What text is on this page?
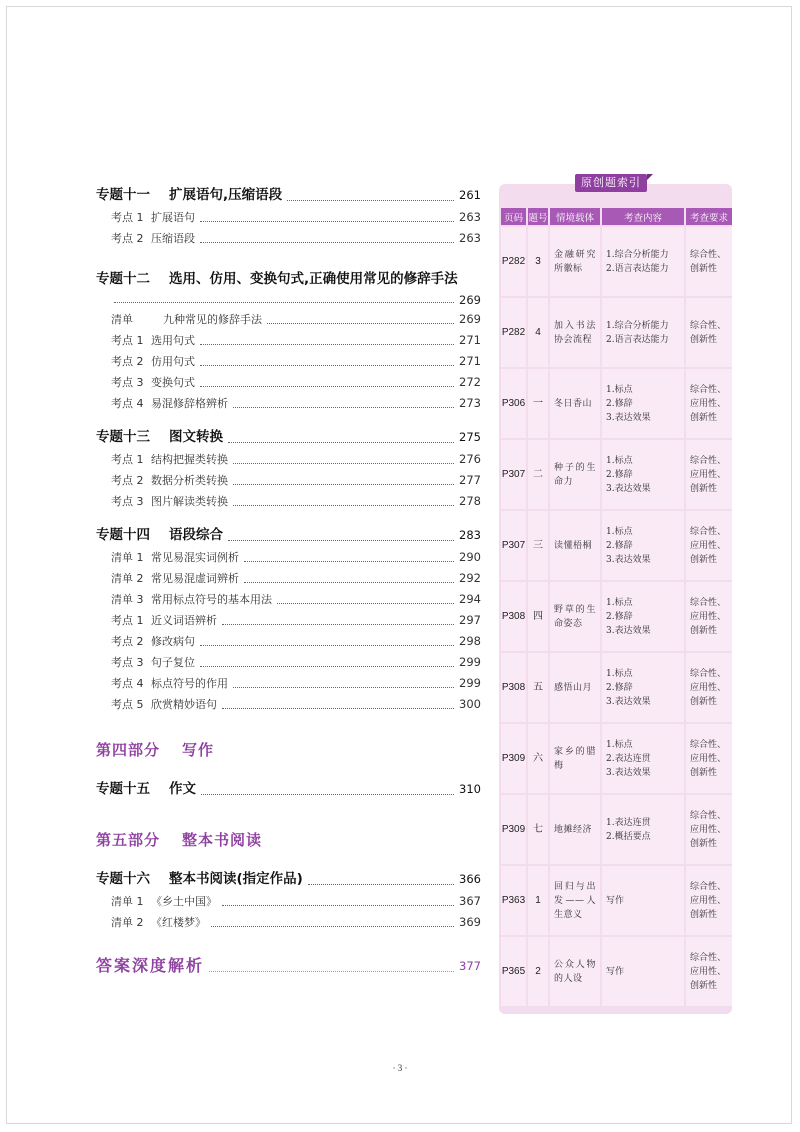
专题十一	扩展语句,压缩语段	261
考点 1 扩展语句	263
考点 2 压缩语段	263
专题十二	选用、仿用、变换句式,正确使用常见的修辞手法
269
清单	九种常见的修辞手法	269
考点 1 选用句式	271
考点 2 仿用句式	271
考点 3 变换句式	272
考点 4 易混修辞格辨析	273
专题十三	图文转换	275
考点 1 结构把握类转换	276
考点 2 数据分析类转换	277
考点 3 图片解读类转换	278
专题十四	语段综合	283
清单 1 常见易混实词例析	290
清单 2 常见易混虚词辨析	292
清单 3 常用标点符号的基本用法	294
考点 1 近义词语辨析	297
考点 2 修改病句	298
考点 3 句子复位	299
考点 4 标点符号的作用	299
考点 5 欣赏精妙语句	300
第四部分 写作
专题十五	作文	310
第五部分 整本书阅读
专题十六	整本书阅读(指定作品)	366
清单 1 《乡土中国》	367
清单 2 《红楼梦》	369
答案深度解析	377
原创题索引
页码	题号	情境载体	考查内容	考查要求
P282	3	金融研究所徽标	1.综合分析能力
2.语言表达能力	综合性、
创新性

P282	4	加入书法协会流程	1.综合分析能力
2.语言表达能力	综合性、
创新性

P306	一	冬日香山	1.标点
2.修辞
3.表达效果	综合性、
应用性、
创新性

P307	二	种子的生命力	1.标点
2.修辞
3.表达效果	综合性、
应用性、
创新性

P307	三	读懂梧桐	1.标点
2.修辞
3.表达效果	综合性、
应用性、
创新性

P308	四	野草的生命姿态	1.标点
2.修辞
3.表达效果	综合性、
应用性、
创新性

P308	五	感悟山月	1.标点
2.修辞
3.表达效果	综合性、
应用性、
创新性

P309	六	家乡的腊梅	1.标点
2.表达连贯
3.表达效果	综合性、
应用性、
创新性

P309	七	地摊经济	1.表达连贯
2.概括要点	综合性、
应用性、
创新性

P363	1	回归与出发——人生意义	写作	综合性、
应用性、
创新性

P365	2	公众人物的人设	写作	综合性、
应用性、
创新性
· 3 ·
